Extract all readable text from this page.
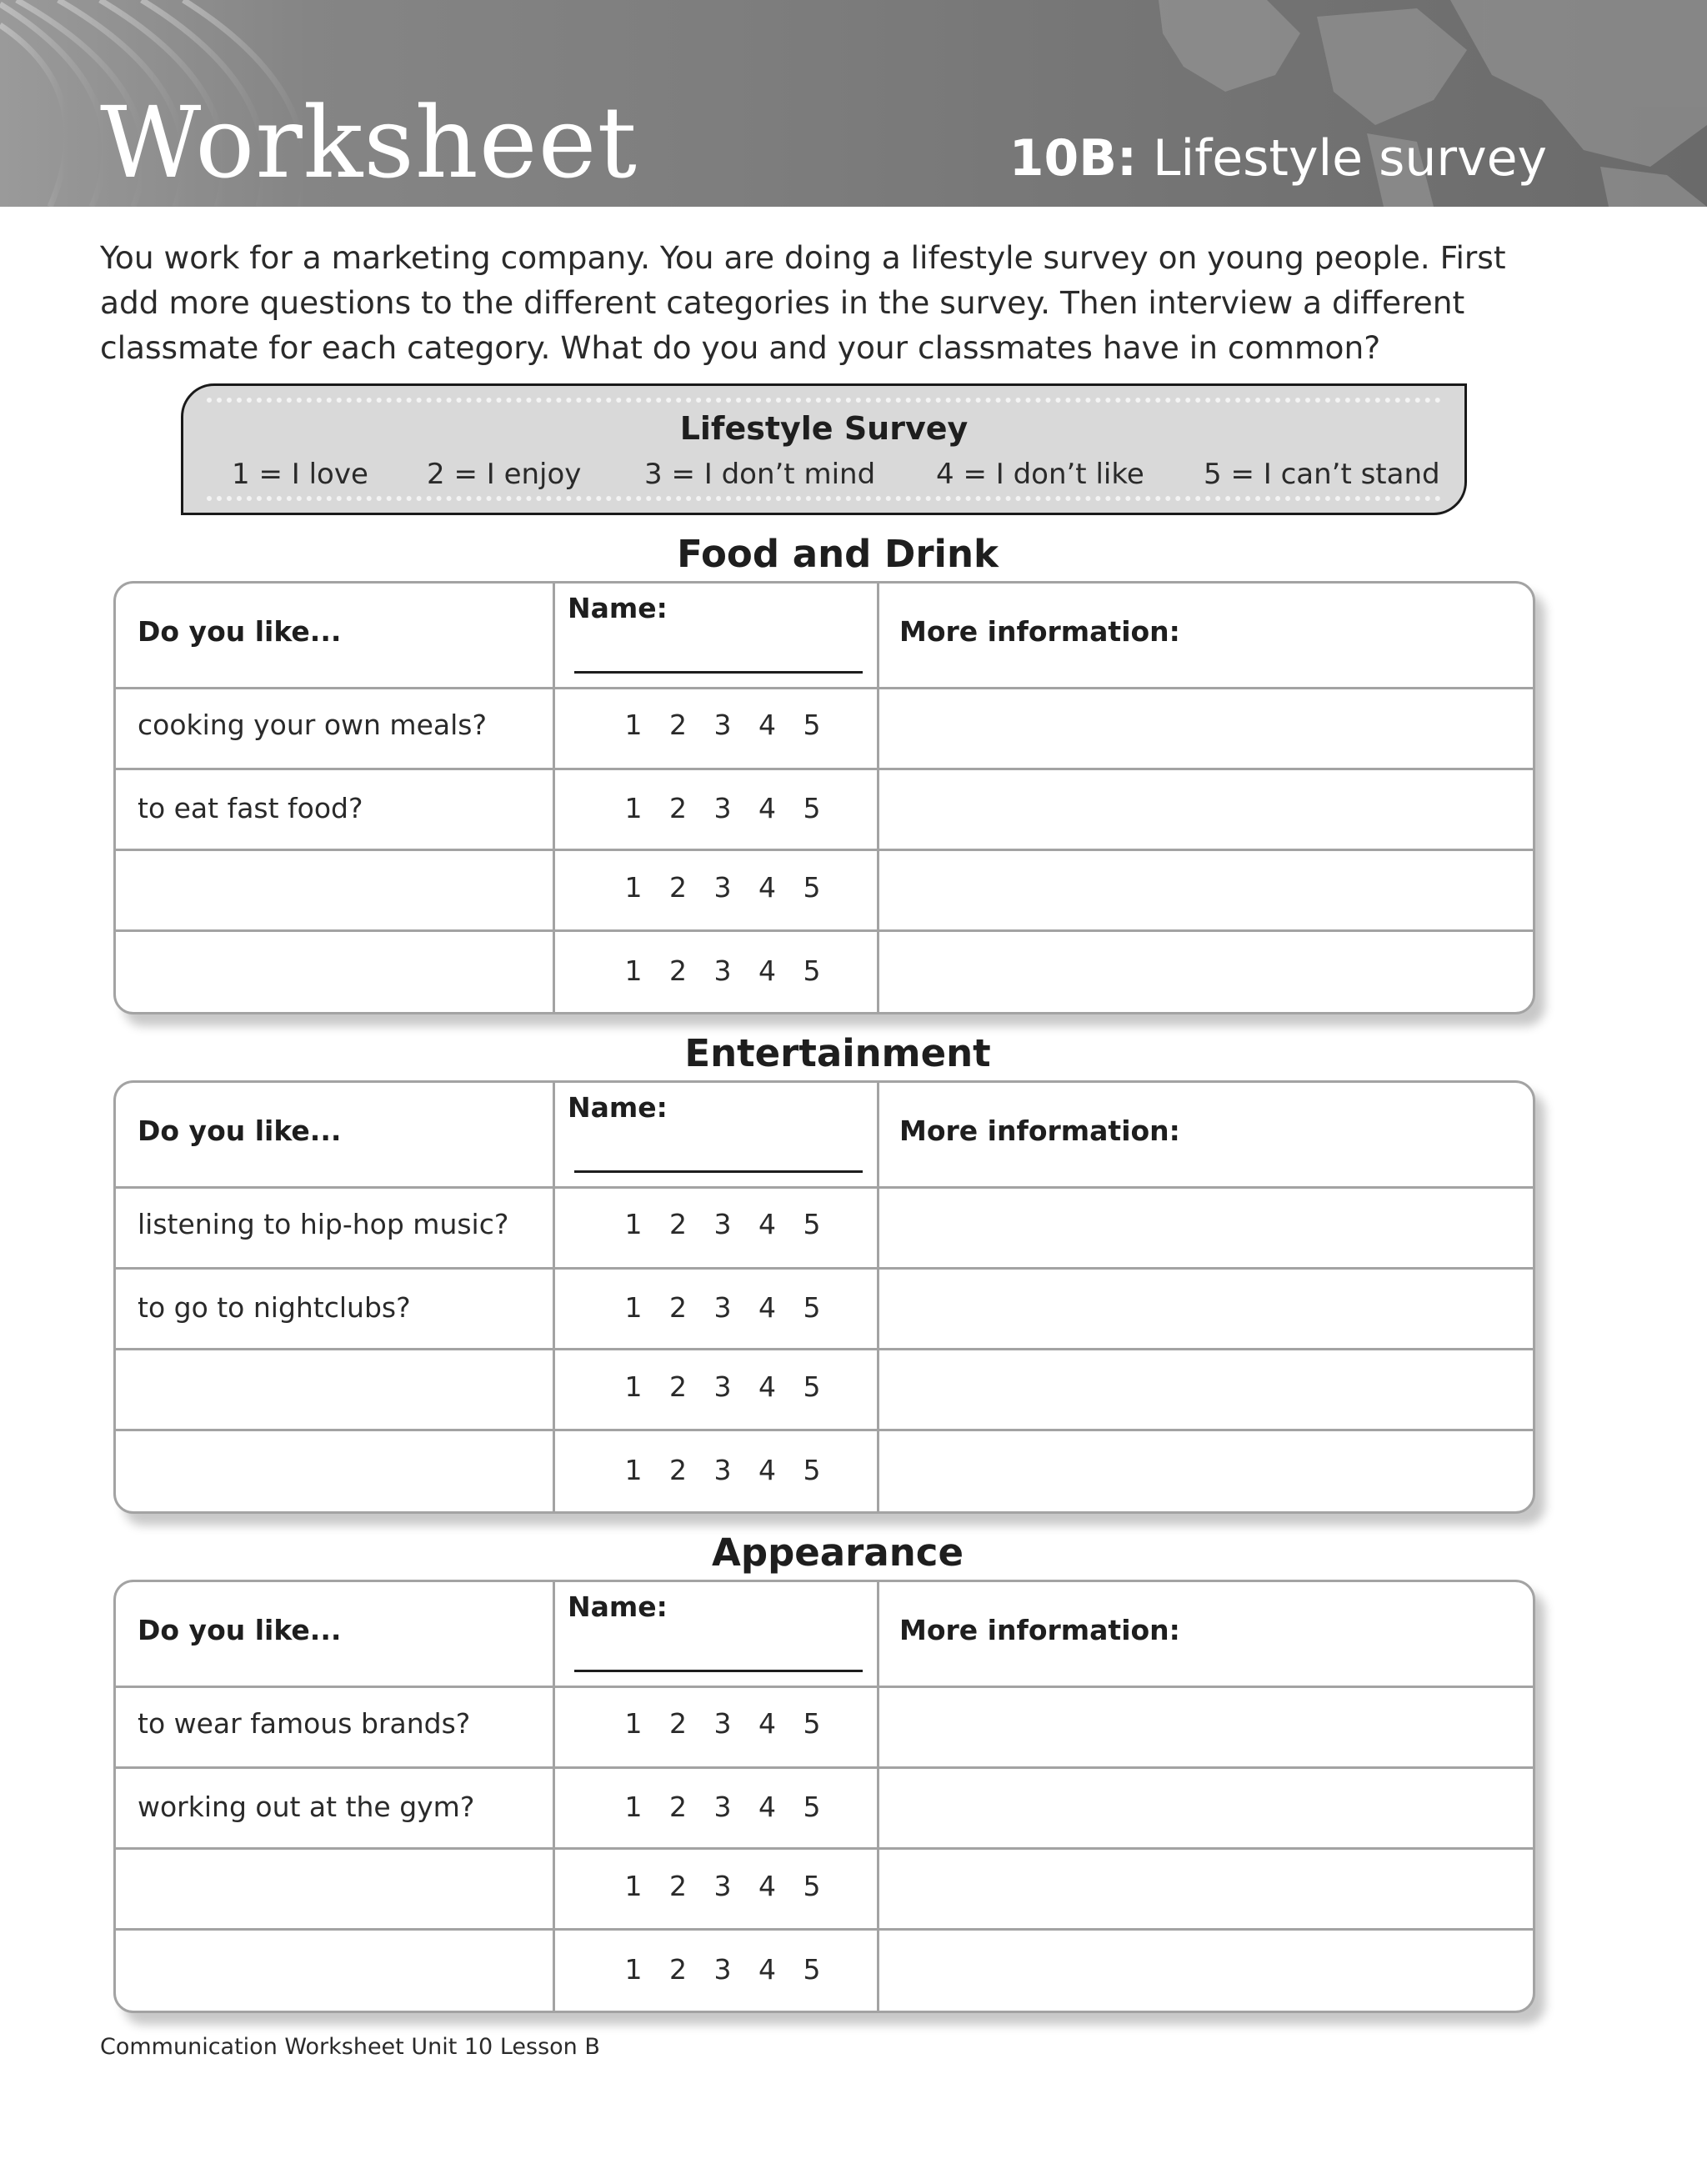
Worksheet	10B: Lifestyle survey
You work for a marketing company. You are doing a lifestyle survey on young people. First add more questions to the different categories in the survey. Then interview a different classmate for each category. What do you and your classmates have in common?
Lifestyle Survey
1 = I love 2 = I enjoy 3 = I don’t mind 4 = I don’t like 5 = I can’t stand
Food and Drink
Do you like...
Name:
More information:
cooking your own meals?
to eat fast food?
1 2 3 4 5
1 2 3 4 5
1 2 3 4 5
1 2 3 4 5
Entertainment
Do you like...
Name:
More information:
listening to hip-hop music?
to go to nightclubs?
1 2 3 4 5
1 2 3 4 5
1 2 3 4 5
1 2 3 4 5
Appearance
Do you like...
Name:
More information:
to wear famous brands?
working out at the gym?
1 2 3 4 5
1 2 3 4 5
1 2 3 4 5
1 2 3 4 5
Communication Worksheet Unit 10 Lesson B
